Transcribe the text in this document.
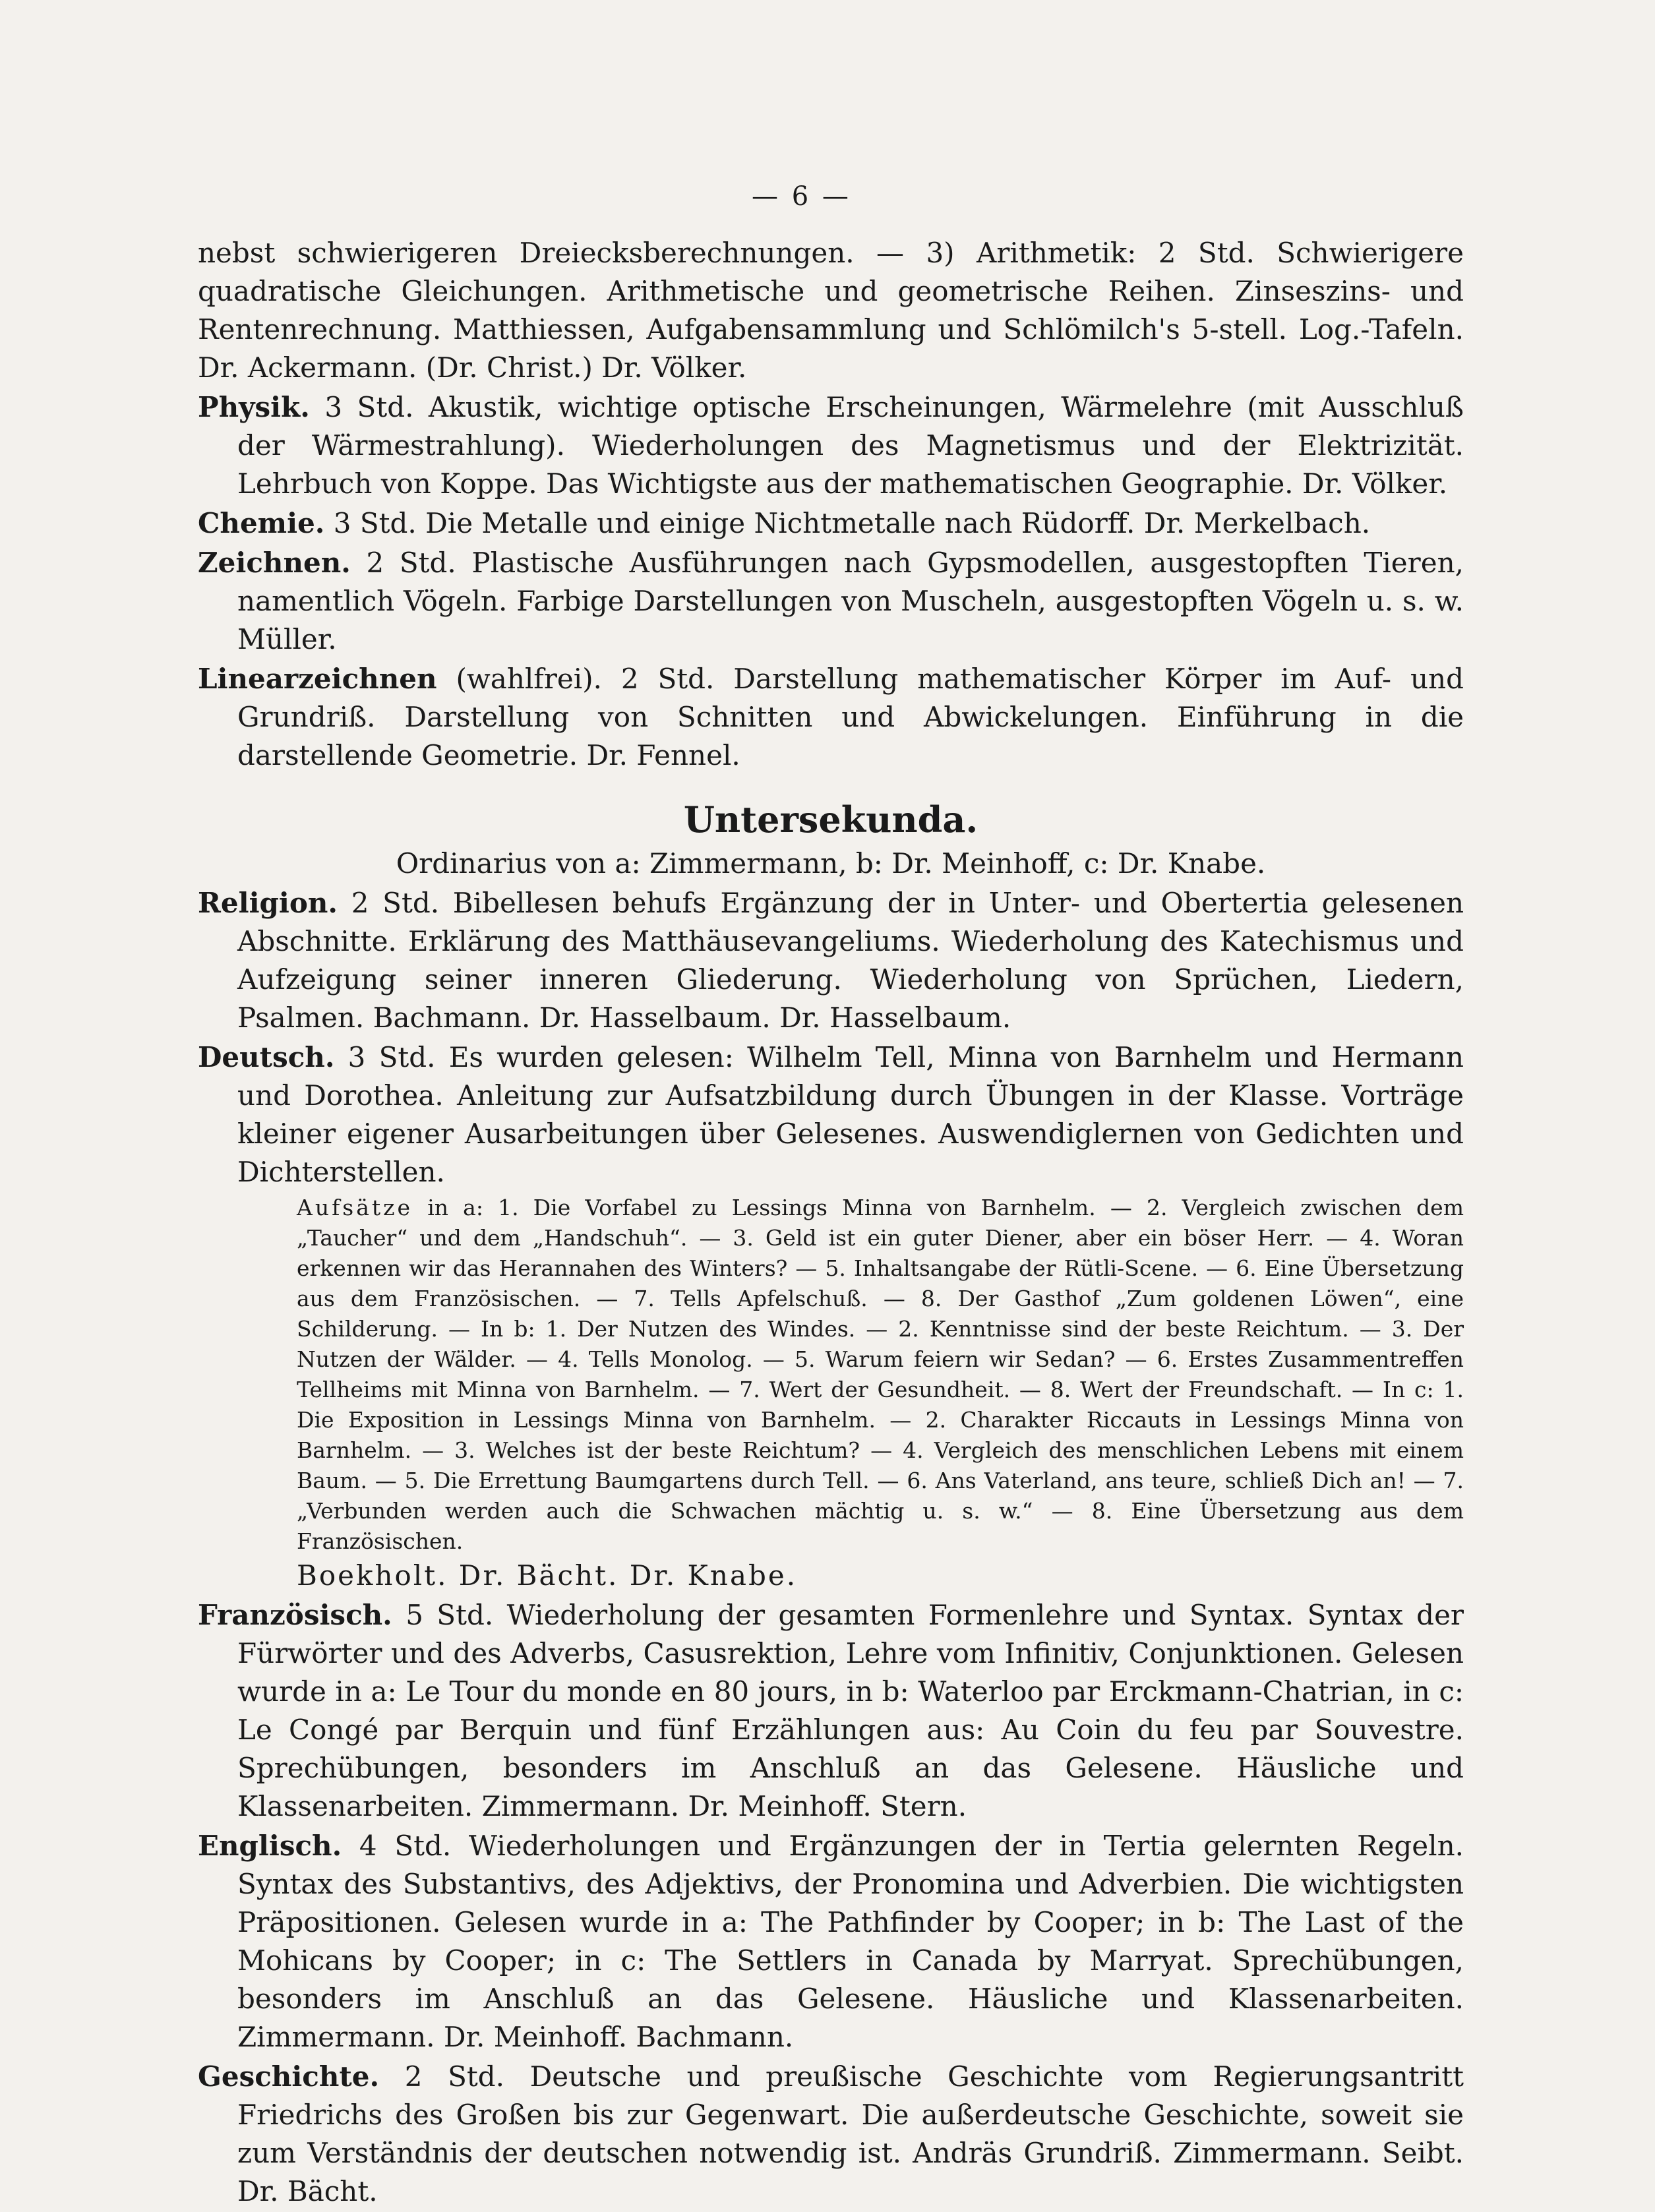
— 6 —

nebst schwierigeren Dreiecksberechnungen. — 3) Arithmetik: 2 Std. Schwierigere quadratische Gleichungen. Arithmetische und geometrische Reihen. Zinseszins- und Rentenrechnung. Matthiessen, Aufgabensammlung und Schlömilch's 5-stell. Log.-Tafeln. Dr. Ackermann. (Dr. Christ.) Dr. Völker.

Physik. 3 Std. Akustik, wichtige optische Erscheinungen, Wärmelehre (mit Ausschluß der Wärmestrahlung). Wiederholungen des Magnetismus und der Elektrizität. Lehrbuch von Koppe. Das Wichtigste aus der mathematischen Geographie. Dr. Völker.

Chemie. 3 Std. Die Metalle und einige Nichtmetalle nach Rüdorff. Dr. Merkelbach.

Zeichnen. 2 Std. Plastische Ausführungen nach Gypsmodellen, ausgestopften Tieren, namentlich Vögeln. Farbige Darstellungen von Muscheln, ausgestopften Vögeln u. s. w. Müller.

Linearzeichnen (wahlfrei). 2 Std. Darstellung mathematischer Körper im Auf- und Grundriß. Darstellung von Schnitten und Abwickelungen. Einführung in die darstellende Geometrie. Dr. Fennel.

Untersekunda.

Ordinarius von a: Zimmermann, b: Dr. Meinhoff, c: Dr. Knabe.

Religion. 2 Std. Bibellesen behufs Ergänzung der in Unter- und Obertertia gelesenen Abschnitte. Erklärung des Matthäusevangeliums. Wiederholung des Katechismus und Aufzeigung seiner inneren Gliederung. Wiederholung von Sprüchen, Liedern, Psalmen. Bachmann. Dr. Hasselbaum. Dr. Hasselbaum.

Deutsch. 3 Std. Es wurden gelesen: Wilhelm Tell, Minna von Barnhelm und Hermann und Dorothea. Anleitung zur Aufsatzbildung durch Übungen in der Klasse. Vorträge kleiner eigener Ausarbeitungen über Gelesenes. Auswendiglernen von Gedichten und Dichterstellen.

Aufsätze in a: 1. Die Vorfabel zu Lessings Minna von Barnhelm. — 2. Vergleich zwischen dem „Taucher“ und dem „Handschuh“. — 3. Geld ist ein guter Diener, aber ein böser Herr. — 4. Woran erkennen wir das Herannahen des Winters? — 5. Inhaltsangabe der Rütli-Scene. — 6. Eine Übersetzung aus dem Französischen. — 7. Tells Apfelschuß. — 8. Der Gasthof „Zum goldenen Löwen“, eine Schilderung. — In b: 1. Der Nutzen des Windes. — 2. Kenntnisse sind der beste Reichtum. — 3. Der Nutzen der Wälder. — 4. Tells Monolog. — 5. Warum feiern wir Sedan? — 6. Erstes Zusammentreffen Tellheims mit Minna von Barnhelm. — 7. Wert der Gesundheit. — 8. Wert der Freundschaft. — In c: 1. Die Exposition in Lessings Minna von Barnhelm. — 2. Charakter Riccauts in Lessings Minna von Barnhelm. — 3. Welches ist der beste Reichtum? — 4. Vergleich des menschlichen Lebens mit einem Baum. — 5. Die Errettung Baumgartens durch Tell. — 6. Ans Vaterland, ans teure, schließ Dich an! — 7. „Verbunden werden auch die Schwachen mächtig u. s. w.“ — 8. Eine Übersetzung aus dem Französischen.

Boekholt. Dr. Bächt. Dr. Knabe.

Französisch. 5 Std. Wiederholung der gesamten Formenlehre und Syntax. Syntax der Fürwörter und des Adverbs, Casusrektion, Lehre vom Infinitiv, Conjunktionen. Gelesen wurde in a: Le Tour du monde en 80 jours, in b: Waterloo par Erckmann-Chatrian, in c: Le Congé par Berquin und fünf Erzählungen aus: Au Coin du feu par Souvestre. Sprechübungen, besonders im Anschluß an das Gelesene. Häusliche und Klassenarbeiten. Zimmermann. Dr. Meinhoff. Stern.

Englisch. 4 Std. Wiederholungen und Ergänzungen der in Tertia gelernten Regeln. Syntax des Substantivs, des Adjektivs, der Pronomina und Adverbien. Die wichtigsten Präpositionen. Gelesen wurde in a: The Pathfinder by Cooper; in b: The Last of the Mohicans by Cooper; in c: The Settlers in Canada by Marryat. Sprechübungen, besonders im Anschluß an das Gelesene. Häusliche und Klassenarbeiten. Zimmermann. Dr. Meinhoff. Bachmann.

Geschichte. 2 Std. Deutsche und preußische Geschichte vom Regierungsantritt Friedrichs des Großen bis zur Gegenwart. Die außerdeutsche Geschichte, soweit sie zum Verständnis der deutschen notwendig ist. Andräs Grundriß. Zimmermann. Seibt. Dr. Bächt.
